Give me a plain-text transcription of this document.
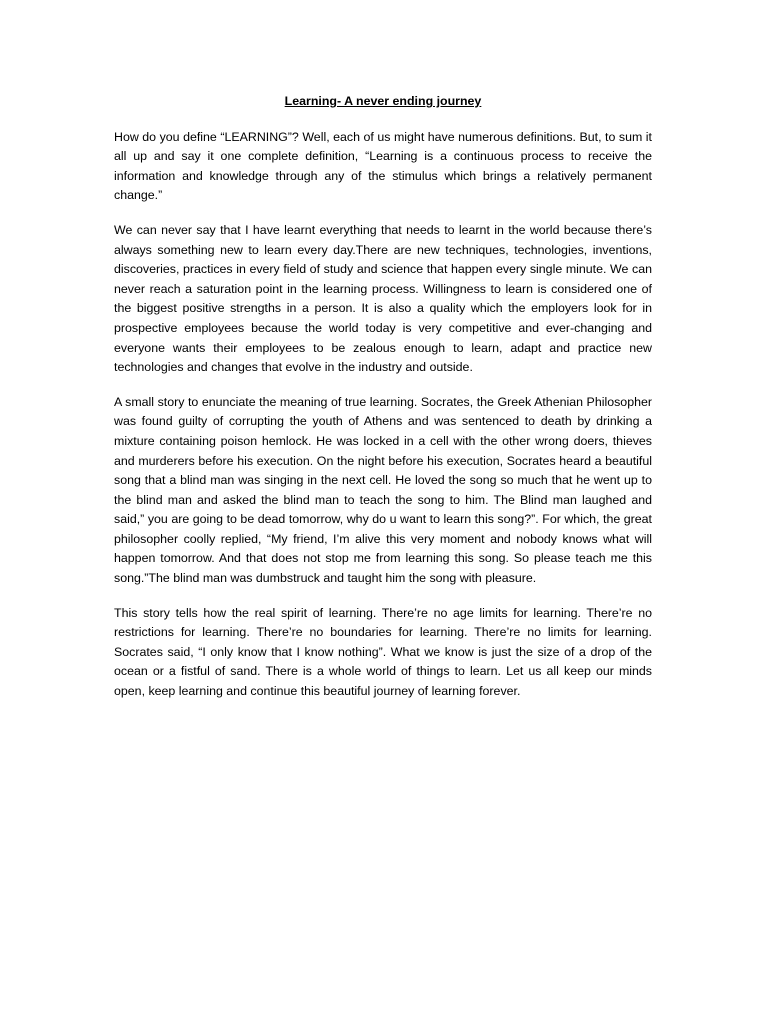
Learning- A never ending journey

How do you define “LEARNING”? Well, each of us might have numerous definitions. But, to sum it all up and say it one complete definition, “Learning is a continuous process to receive the information and knowledge through any of the stimulus which brings a relatively permanent change.”

We can never say that I have learnt everything that needs to learnt in the world because there’s always something new to learn every day.There are new techniques, technologies, inventions, discoveries, practices in every field of study and science that happen every single minute. We can never reach a saturation point in the learning process. Willingness to learn is considered one of the biggest positive strengths in a person. It is also a quality which the employers look for in prospective employees because the world today is very competitive and ever-changing and everyone wants their employees to be zealous enough to learn, adapt and practice new technologies and changes that evolve in the industry and outside.

A small story to enunciate the meaning of true learning. Socrates, the Greek Athenian Philosopher was found guilty of corrupting the youth of Athens and was sentenced to death by drinking a mixture containing poison hemlock. He was locked in a cell with the other wrong doers, thieves and murderers before his execution. On the night before his execution, Socrates heard a beautiful song that a blind man was singing in the next cell. He loved the song so much that he went up to the blind man and asked the blind man to teach the song to him. The Blind man laughed and said,” you are going to be dead tomorrow, why do u want to learn this song?”. For which, the great philosopher coolly replied, “My friend, I’m alive this very moment and nobody knows what will happen tomorrow. And that does not stop me from learning this song. So please teach me this song.”The blind man was dumbstruck and taught him the song with pleasure.

This story tells how the real spirit of learning. There’re no age limits for learning. There’re no restrictions for learning. There’re no boundaries for learning. There’re no limits for learning. Socrates said, “I only know that I know nothing”. What we know is just the size of a drop of the ocean or a fistful of sand. There is a whole world of things to learn. Let us all keep our minds open, keep learning and continue this beautiful journey of learning forever.
